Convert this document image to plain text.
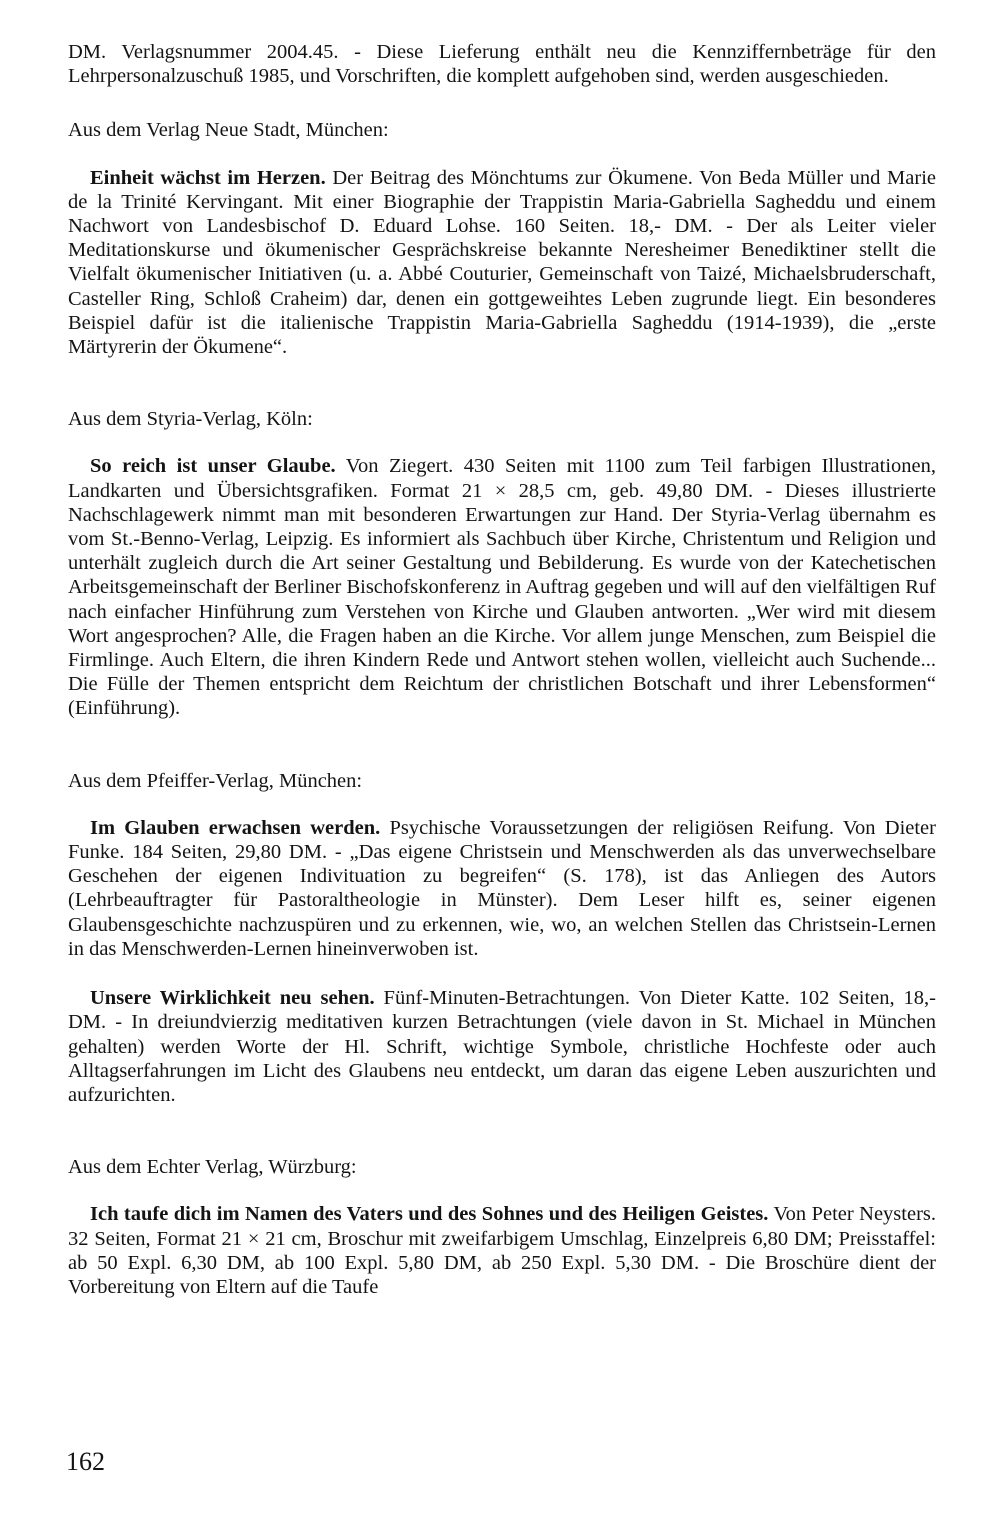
DM. Verlagsnummer 2004.45. - Diese Lieferung enthält neu die Kennziffernbeträge für den Lehrpersonalzuschuß 1985, und Vorschriften, die komplett aufgehoben sind, werden ausgeschieden.

Aus dem Verlag Neue Stadt, München:

Einheit wächst im Herzen. Der Beitrag des Mönchtums zur Ökumene. Von Beda Müller und Marie de la Trinité Kervingant. Mit einer Biographie der Trappistin Maria-Gabriella Sagheddu und einem Nachwort von Landesbischof D. Eduard Lohse. 160 Seiten. 18,- DM. - Der als Leiter vieler Meditationskurse und ökumenischer Gesprächskreise bekannte Neresheimer Benediktiner stellt die Vielfalt ökumenischer Initiativen (u. a. Abbé Couturier, Gemeinschaft von Taizé, Michaelsbruderschaft, Casteller Ring, Schloß Craheim) dar, denen ein gottgeweihtes Leben zugrunde liegt. Ein besonderes Beispiel dafür ist die italienische Trappistin Maria-Gabriella Sagheddu (1914-1939), die „erste Märtyrerin der Ökumene“.

Aus dem Styria-Verlag, Köln:

So reich ist unser Glaube. Von Ziegert. 430 Seiten mit 1100 zum Teil farbigen Illustrationen, Landkarten und Übersichtsgrafiken. Format 21 × 28,5 cm, geb. 49,80 DM. - Dieses illustrierte Nachschlagewerk nimmt man mit besonderen Erwartungen zur Hand. Der Styria-Verlag übernahm es vom St.-Benno-Verlag, Leipzig. Es informiert als Sachbuch über Kirche, Christentum und Religion und unterhält zugleich durch die Art seiner Gestaltung und Bebilderung. Es wurde von der Katechetischen Arbeitsgemeinschaft der Berliner Bischofskonferenz in Auftrag gegeben und will auf den vielfältigen Ruf nach einfacher Hinführung zum Verstehen von Kirche und Glauben antworten. „Wer wird mit diesem Wort angesprochen? Alle, die Fragen haben an die Kirche. Vor allem junge Menschen, zum Beispiel die Firmlinge. Auch Eltern, die ihren Kindern Rede und Antwort stehen wollen, vielleicht auch Suchende... Die Fülle der Themen entspricht dem Reichtum der christlichen Botschaft und ihrer Lebensformen“ (Einführung).

Aus dem Pfeiffer-Verlag, München:

Im Glauben erwachsen werden. Psychische Voraussetzungen der religiösen Reifung. Von Dieter Funke. 184 Seiten, 29,80 DM. - „Das eigene Christsein und Menschwerden als das unverwechselbare Geschehen der eigenen Indivituation zu begreifen“ (S. 178), ist das Anliegen des Autors (Lehrbeauftragter für Pastoraltheologie in Münster). Dem Leser hilft es, seiner eigenen Glaubensgeschichte nachzuspüren und zu erkennen, wie, wo, an welchen Stellen das Christsein-Lernen in das Menschwerden-Lernen hineinverwoben ist.

Unsere Wirklichkeit neu sehen. Fünf-Minuten-Betrachtungen. Von Dieter Katte. 102 Seiten, 18,- DM. - In dreiundvierzig meditativen kurzen Betrachtungen (viele davon in St. Michael in München gehalten) werden Worte der Hl. Schrift, wichtige Symbole, christliche Hochfeste oder auch Alltagserfahrungen im Licht des Glaubens neu entdeckt, um daran das eigene Leben auszurichten und aufzurichten.

Aus dem Echter Verlag, Würzburg:

Ich taufe dich im Namen des Vaters und des Sohnes und des Heiligen Geistes. Von Peter Neysters. 32 Seiten, Format 21 × 21 cm, Broschur mit zweifarbigem Umschlag, Einzelpreis 6,80 DM; Preisstaffel: ab 50 Expl. 6,30 DM, ab 100 Expl. 5,80 DM, ab 250 Expl. 5,30 DM. - Die Broschüre dient der Vorbereitung von Eltern auf die Taufe

162
